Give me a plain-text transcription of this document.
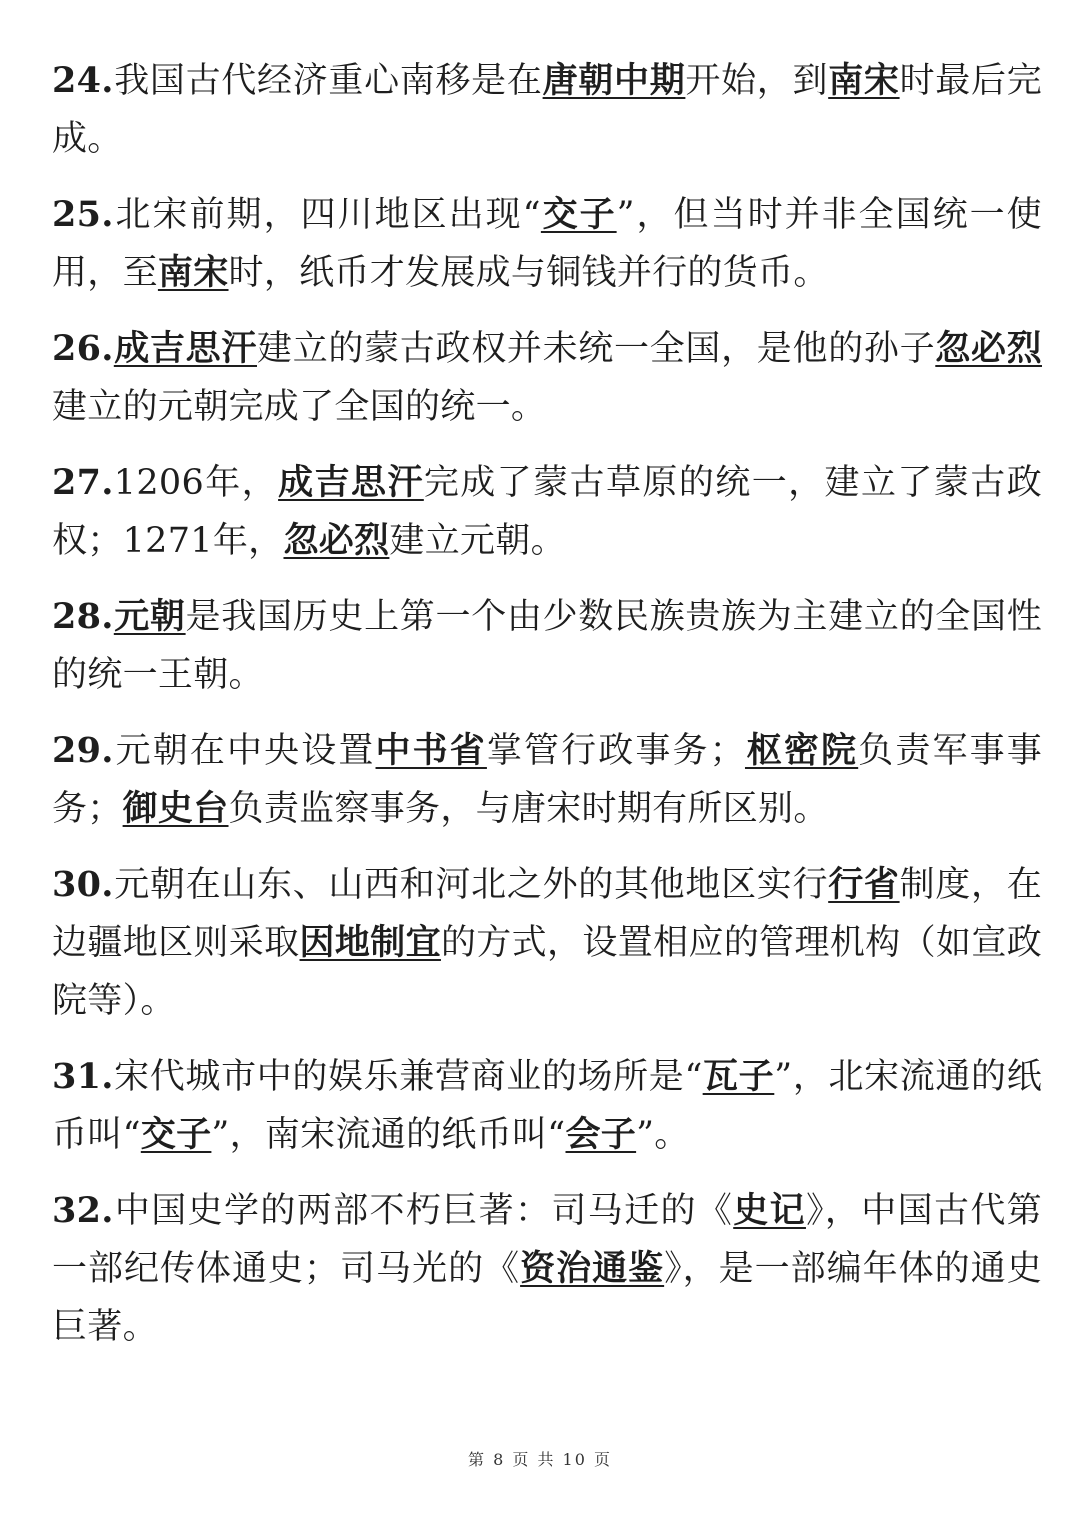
24.我国古代经济重心南移是在唐朝中期开始，到南宋时最后完成。

25.北宋前期，四川地区出现“交子”，但当时并非全国统一使用，至南宋时，纸币才发展成与铜钱并行的货币。

26.成吉思汗建立的蒙古政权并未统一全国，是他的孙子忽必烈建立的元朝完成了全国的统一。

27.1206年，成吉思汗完成了蒙古草原的统一，建立了蒙古政权；1271年，忽必烈建立元朝。

28.元朝是我国历史上第一个由少数民族贵族为主建立的全国性的统一王朝。

29.元朝在中央设置中书省掌管行政事务；枢密院负责军事事务；御史台负责监察事务，与唐宋时期有所区别。

30.元朝在山东、山西和河北之外的其他地区实行行省制度，在边疆地区则采取因地制宜的方式，设置相应的管理机构（如宣政院等）。

31.宋代城市中的娱乐兼营商业的场所是“瓦子”，北宋流通的纸币叫“交子”，南宋流通的纸币叫“会子”。

32.中国史学的两部不朽巨著：司马迁的《史记》，中国古代第一部纪传体通史；司马光的《资治通鉴》，是一部编年体的通史巨著。

第 8 页 共 10 页
